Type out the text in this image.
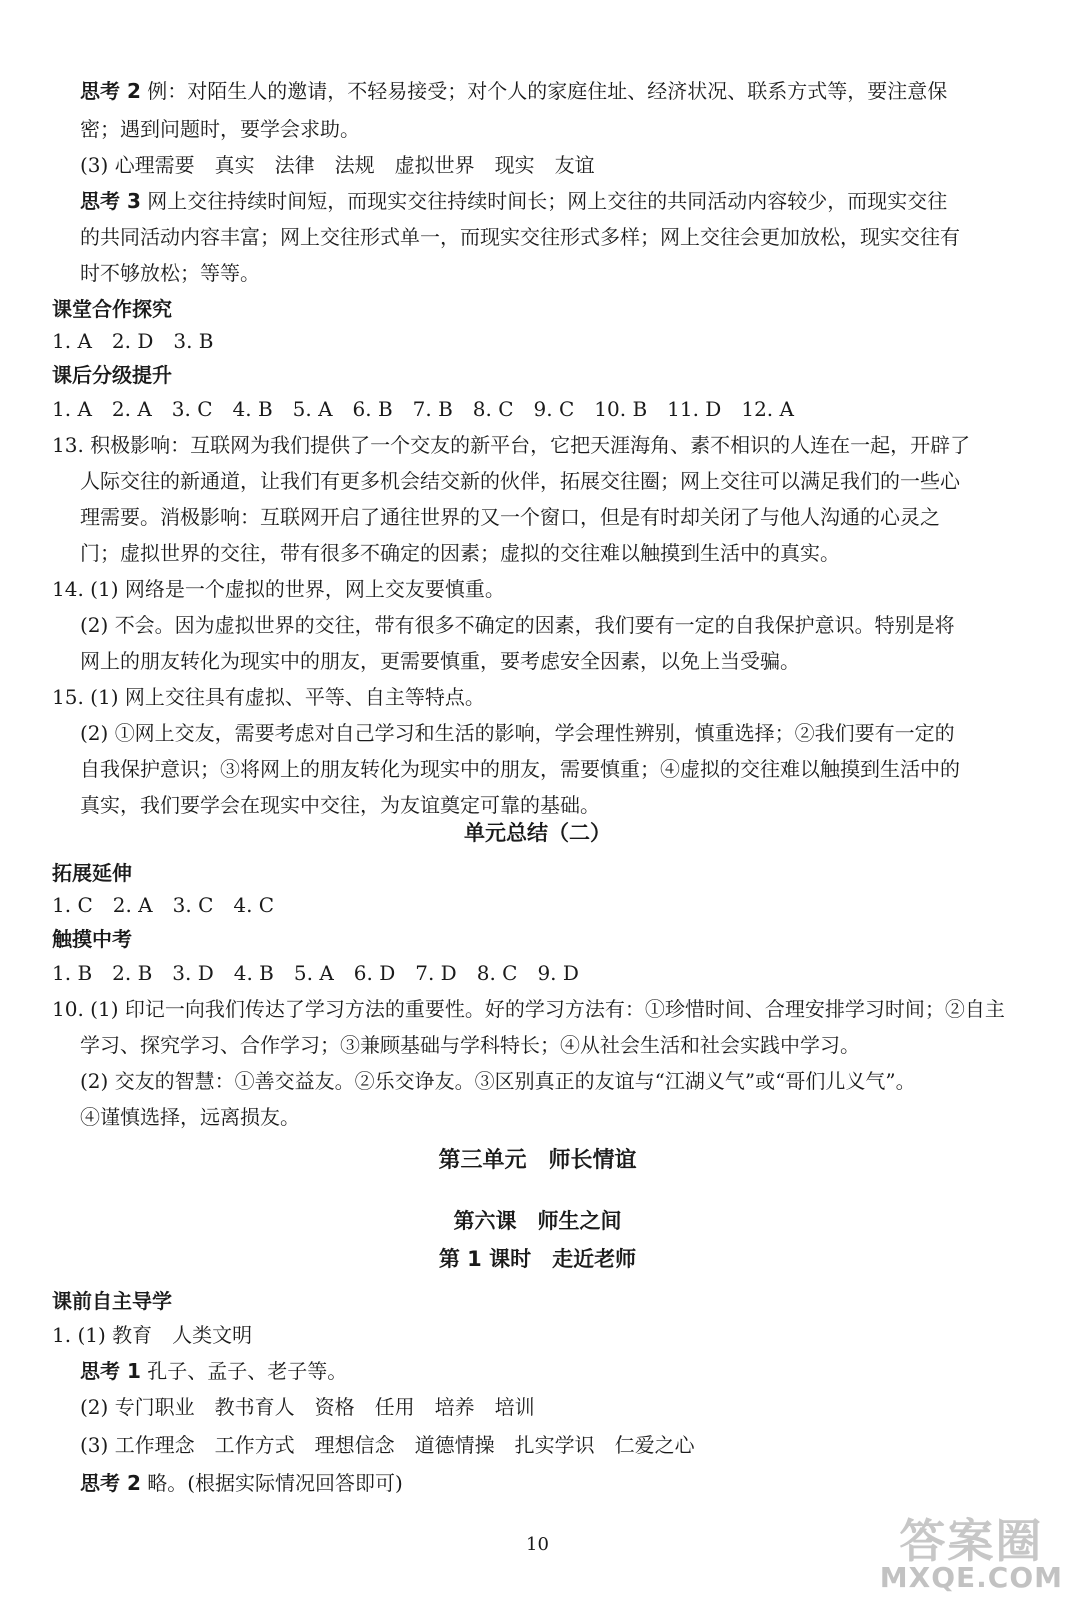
思考 2 例：对陌生人的邀请，不轻易接受；对个人的家庭住址、经济状况、联系方式等，要注意保
密；遇到问题时，要学会求助。
(3) 心理需要　真实　法律　法规　虚拟世界　现实　友谊
思考 3 网上交往持续时间短，而现实交往持续时间长；网上交往的共同活动内容较少，而现实交往
的共同活动内容丰富；网上交往形式单一，而现实交往形式多样；网上交往会更加放松，现实交往有
时不够放松；等等。
课堂合作探究
1. A　2. D　3. B
课后分级提升
1. A　2. A　3. C　4. B　5. A　6. B　7. B　8. C　9. C　10. B　11. D　12. A
13. 积极影响：互联网为我们提供了一个交友的新平台，它把天涯海角、素不相识的人连在一起，开辟了
人际交往的新通道，让我们有更多机会结交新的伙伴，拓展交往圈；网上交往可以满足我们的一些心
理需要。消极影响：互联网开启了通往世界的又一个窗口，但是有时却关闭了与他人沟通的心灵之
门；虚拟世界的交往，带有很多不确定的因素；虚拟的交往难以触摸到生活中的真实。
14. (1) 网络是一个虚拟的世界，网上交友要慎重。
(2) 不会。因为虚拟世界的交往，带有很多不确定的因素，我们要有一定的自我保护意识。特别是将
网上的朋友转化为现实中的朋友，更需要慎重，要考虑安全因素，以免上当受骗。
15. (1) 网上交往具有虚拟、平等、自主等特点。
(2) ①网上交友，需要考虑对自己学习和生活的影响，学会理性辨别，慎重选择；②我们要有一定的
自我保护意识；③将网上的朋友转化为现实中的朋友，需要慎重；④虚拟的交往难以触摸到生活中的
真实，我们要学会在现实中交往，为友谊奠定可靠的基础。
拓展延伸
1. C　2. A　3. C　4. C
触摸中考
1. B　2. B　3. D　4. B　5. A　6. D　7. D　8. C　9. D
10. (1) 印记一向我们传达了学习方法的重要性。好的学习方法有：①珍惜时间、合理安排学习时间；②自主
学习、探究学习、合作学习；③兼顾基础与学科特长；④从社会生活和社会实践中学习。
(2) 交友的智慧：①善交益友。②乐交诤友。③区别真正的友谊与“江湖义气”或“哥们儿义气”。
④谨慎选择，远离损友。
课前自主导学
1. (1) 教育　人类文明
思考 1 孔子、孟子、老子等。
(2) 专门职业　教书育人　资格　任用　培养　培训
(3) 工作理念　工作方式　理想信念　道德情操　扎实学识　仁爱之心
思考 2 略。(根据实际情况回答即可)
单元总结（二）
第三单元　师长情谊
第六课　师生之间
第 1 课时　走近老师
10	答案圈
MXQE.COM
